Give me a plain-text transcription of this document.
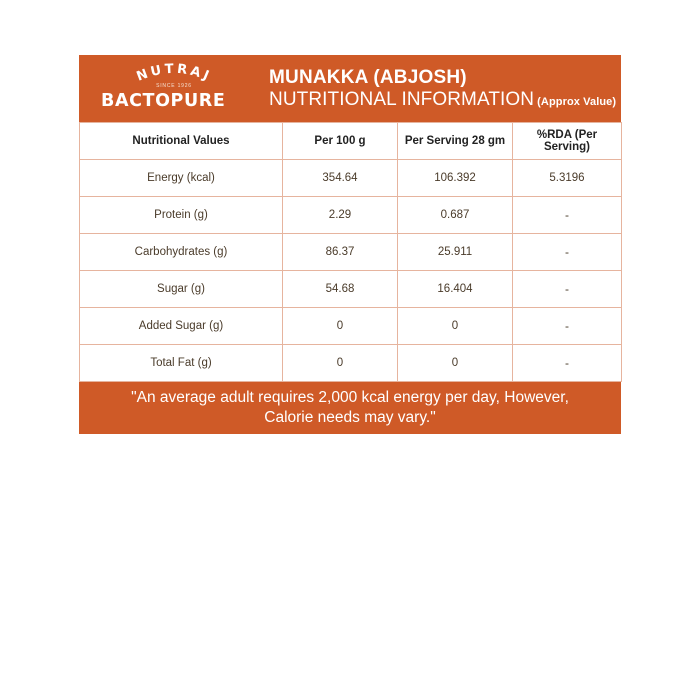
NUTRAJ
SINCE 1926
BACTOPURE
MUNAKKA (ABJOSH)
NUTRITIONAL INFORMATION (Approx Value)
Nutritional Values	Per 100 g	Per Serving 28 gm	%RDA (Per Serving)
Energy (kcal)	354.64	106.392	5.3196
Protein (g)	2.29	0.687	-
Carbohydrates (g)	86.37	25.911	-
Sugar (g)	54.68	16.404	-
Added Sugar (g)	0	0	-
Total Fat (g)	0	0	-
"An average adult requires 2,000 kcal energy per day, However,
Calorie needs may vary."
